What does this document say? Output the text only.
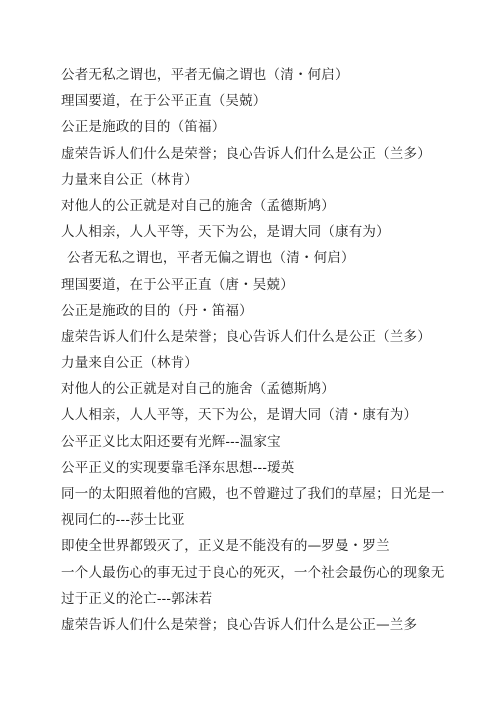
公者无私之谓也，平者无偏之谓也（清・何启）

理国要道，在于公平正直（吴兢）

公正是施政的目的（笛福）

虚荣告诉人们什么是荣誉；良心告诉人们什么是公正（兰多）

力量来自公正（林肯）

对他人的公正就是对自己的施舍（孟德斯鸠）

人人相亲，人人平等，天下为公，是谓大同（康有为）

公者无私之谓也，平者无偏之谓也（清・何启）

理国要道，在于公平正直（唐・吴兢）

公正是施政的目的（丹・笛福）

虚荣告诉人们什么是荣誉；良心告诉人们什么是公正（兰多）

力量来自公正（林肯）

对他人的公正就是对自己的施舍（孟德斯鸠）

人人相亲，人人平等，天下为公，是谓大同（清・康有为）

公平正义比太阳还要有光辉---温家宝

公平正义的实现要靠毛泽东思想---瑷英

同一的太阳照着他的宫殿，也不曾避过了我们的草屋；日光是一

视同仁的---莎士比亚

即使全世界都毁灭了，正义是不能没有的—罗曼・罗兰

一个人最伤心的事无过于良心的死灭，一个社会最伤心的现象无

过于正义的沦亡---郭沫若

虚荣告诉人们什么是荣誉；良心告诉人们什么是公正—兰多
